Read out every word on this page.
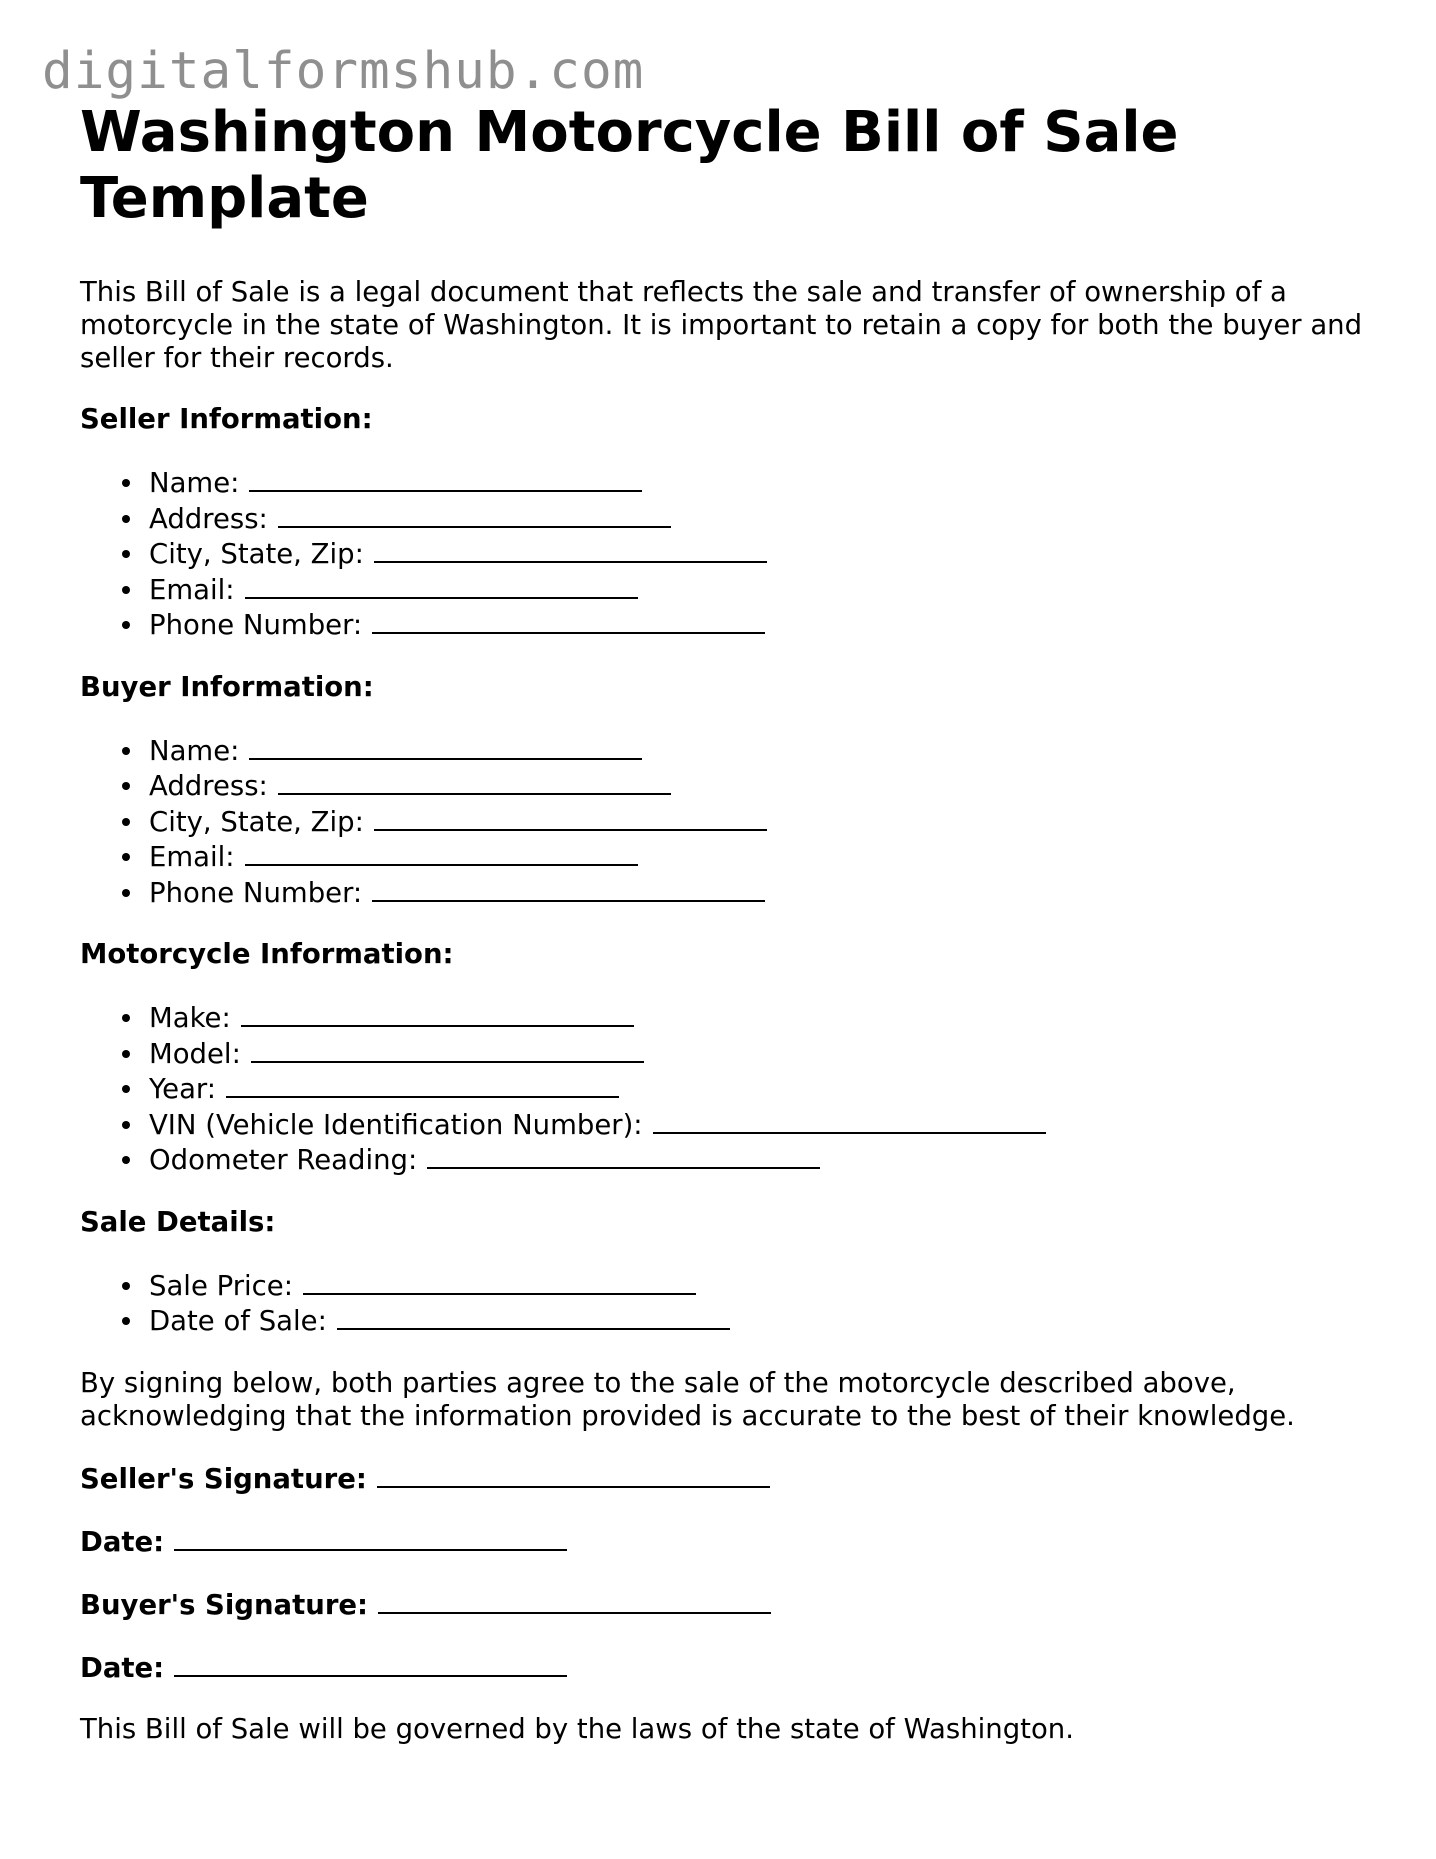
digitalformshub.com
Washington Motorcycle Bill of Sale Template

This Bill of Sale is a legal document that reflects the sale and transfer of ownership of a motorcycle in the state of Washington. It is important to retain a copy for both the buyer and seller for their records.

Seller Information:

Name:
Address:
City, State, Zip:
Email:
Phone Number:

Buyer Information:

Name:
Address:
City, State, Zip:
Email:
Phone Number:

Motorcycle Information:

Make:
Model:
Year:
VIN (Vehicle Identification Number):
Odometer Reading:

Sale Details:

Sale Price:
Date of Sale:

By signing below, both parties agree to the sale of the motorcycle described above, acknowledging that the information provided is accurate to the best of their knowledge.

Seller's Signature:

Date:

Buyer's Signature:

Date:

This Bill of Sale will be governed by the laws of the state of Washington.
